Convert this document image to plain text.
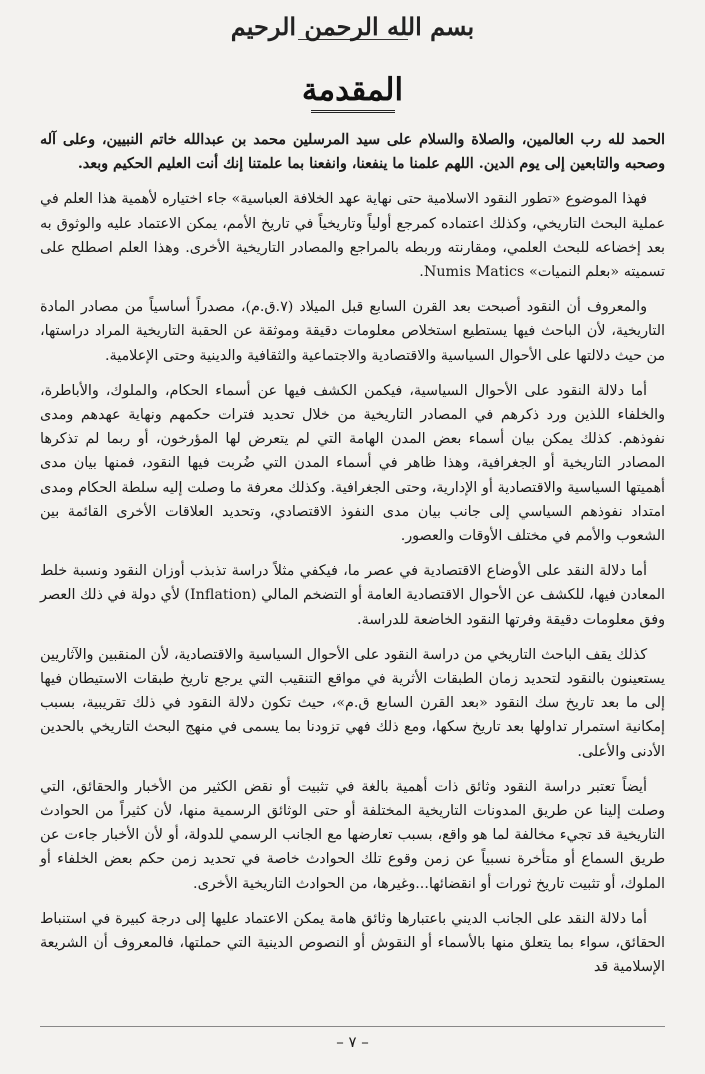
بسم الله الرحمن الرحيم
المقدمة

الحمد لله رب العالمين، والصلاة والسلام على سيد المرسلين محمد بن عبدالله خاتم النبيين، وعلى آله وصحبه والتابعين إلى يوم الدين. اللهم علمنا ما ينفعنا، وانفعنا بما علمتنا إنك أنت العليم الحكيم وبعد.

فهذا الموضوع «تطور النقود الاسلامية حتى نهاية عهد الخلافة العباسية» جاء اختياره لأهمية هذا العلم في عملية البحث التاريخي، وكذلك اعتماده كمرجع أولياً وتاريخياً في تاريخ الأمم، يمكن الاعتماد عليه والوثوق به بعد إخضاعه للبحث العلمي، ومقارنته وربطه بالمراجع والمصادر التاريخية الأخرى. وهذا العلم اصطلح على تسميته «بعلم النميات» Numis Matics.

والمعروف أن النقود أصبحت بعد القرن السابع قبل الميلاد (٧.ق.م)، مصدراً أساسياً من مصادر المادة التاريخية، لأن الباحث فيها يستطيع استخلاص معلومات دقيقة وموثقة عن الحقبة التاريخية المراد دراستها، من حيث دلالتها على الأحوال السياسية والاقتصادية والاجتماعية والثقافية والدينية وحتى الإعلامية.

أما دلالة النقود على الأحوال السياسية، فيكمن الكشف فيها عن أسماء الحكام، والملوك، والأباطرة، والخلفاء اللذين ورد ذكرهم في المصادر التاريخية من خلال تحديد فترات حكمهم ونهاية عهدهم ومدى نفوذهم. كذلك يمكن بيان أسماء بعض المدن الهامة التي لم يتعرض لها المؤرخون، أو ربما لم تذكرها المصادر التاريخية أو الجغرافية، وهذا ظاهر في أسماء المدن التي ضُربت فيها النقود، فمنها بيان مدى أهميتها السياسية والاقتصادية أو الإدارية، وحتى الجغرافية. وكذلك معرفة ما وصلت إليه سلطة الحكام ومدى امتداد نفوذهم السياسي إلى جانب بيان مدى النفوذ الاقتصادي، وتحديد العلاقات الأخرى القائمة بين الشعوب والأمم في مختلف الأوقات والعصور.

أما دلالة النقد على الأوضاع الاقتصادية في عصر ما، فيكفي مثلاً دراسة تذبذب أوزان النقود ونسبة خلط المعادن فيها، للكشف عن الأحوال الاقتصادية العامة أو التضخم المالي (Inflation) لأي دولة في ذلك العصر وفق معلومات دقيقة وفرتها النقود الخاضعة للدراسة.

كذلك يقف الباحث التاريخي من دراسة النقود على الأحوال السياسية والاقتصادية، لأن المنقبين والآثاريين يستعينون بالنقود لتحديد زمان الطبقات الأثرية في مواقع التنقيب التي يرجع تاريخ طبقات الاستيطان فيها إلى ما بعد تاريخ سك النقود «بعد القرن السابع ق.م»، حيث تكون دلالة النقود في ذلك تقريبية، بسبب إمكانية استمرار تداولها بعد تاريخ سكها، ومع ذلك فهي تزودنا بما يسمى في منهج البحث التاريخي بالحدين الأدنى والأعلى.

أيضاً تعتبر دراسة النقود وثائق ذات أهمية بالغة في تثبيت أو نقض الكثير من الأخبار والحقائق، التي وصلت إلينا عن طريق المدونات التاريخية المختلفة أو حتى الوثائق الرسمية منها، لأن كثيراً من الحوادث التاريخية قد تجيء مخالفة لما هو واقع، بسبب تعارضها مع الجانب الرسمي للدولة، أو لأن الأخبار جاءت عن طريق السماع أو متأخرة نسبياً عن زمن وقوع تلك الحوادث خاصة في تحديد زمن حكم بعض الخلفاء أو الملوك، أو تثبيت تاريخ ثورات أو انقضائها...وغيرها، من الحوادث التاريخية الأخرى.

أما دلالة النقد على الجانب الديني باعتبارها وثائق هامة يمكن الاعتماد عليها إلى درجة كبيرة في استنباط الحقائق، سواء بما يتعلق منها بالأسماء أو النقوش أو النصوص الدينية التي حملتها، فالمعروف أن الشريعة الإسلامية قد

– ٧ –
